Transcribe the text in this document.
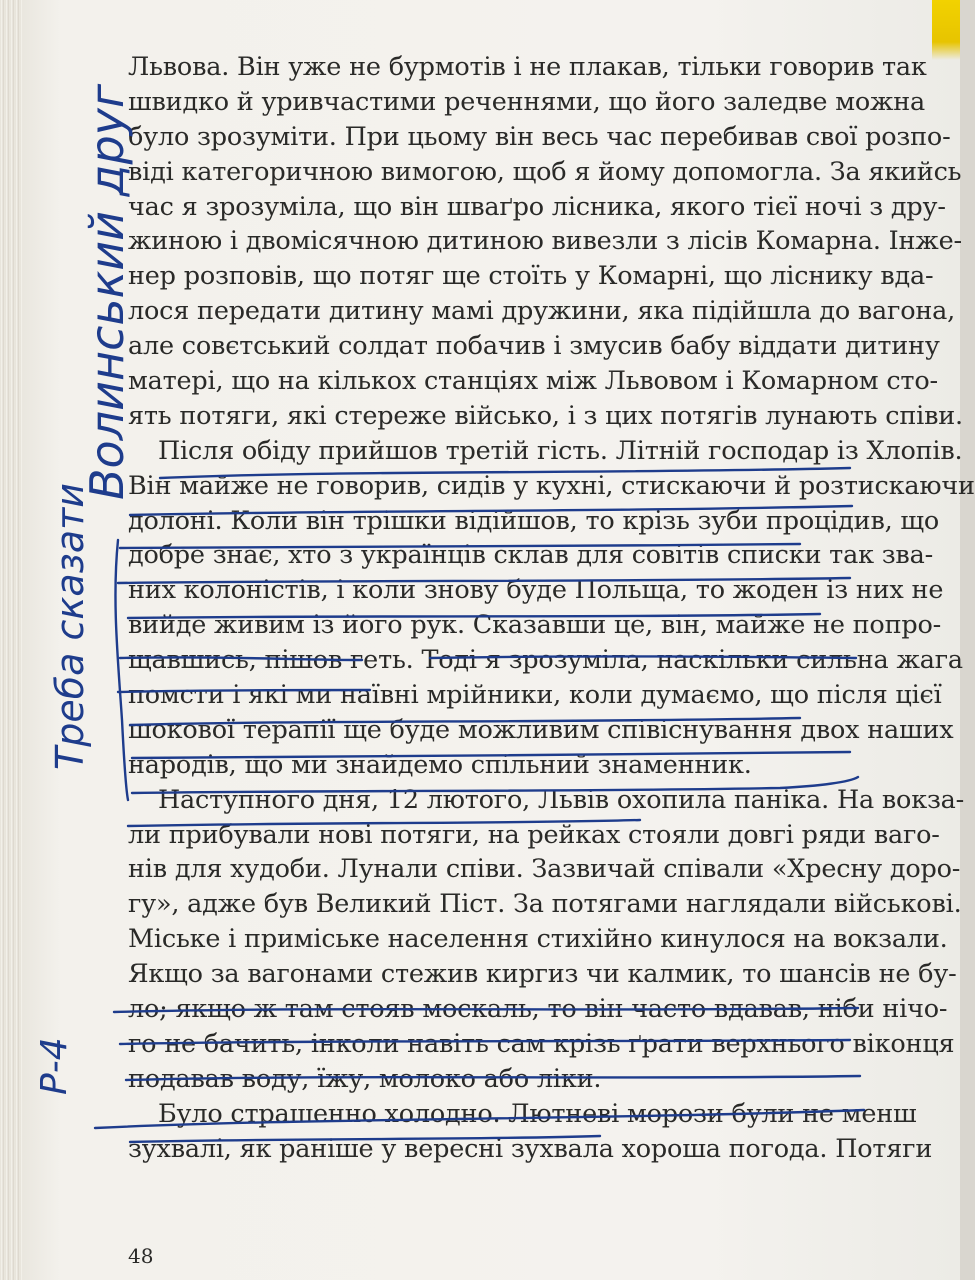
Львова. Він уже не бурмотів і не плакав, тільки говорив так
швидко й уривчастими реченнями, що його заледве можна
було зрозуміти. При цьому він весь час перебивав свої розпо-
віді категоричною вимогою, щоб я йому допомогла. За якийсь
час я зрозуміла, що він шваґро лісника, якого тієї ночі з дру-
жиною і двомісячною дитиною вивезли з лісів Комарна. Інже-
нер розповів, що потяг ще стоїть у Комарні, що ліснику вда-
лося передати дитину мамі дружини, яка підійшла до вагона,
але совєтський солдат побачив і змусив бабу віддати дитину
матері, що на кількох станціях між Львовом і Комарном сто-
ять потяги, які стереже військо, і з цих потягів лунають співи.
Після обіду прийшов третій гість. Літній господар із Хлопів.
Він майже не говорив, сидів у кухні, стискаючи й розтискаючи
долоні. Коли він трішки відійшов, то крізь зуби процідив, що
добре знає, хто з українців склав для совітів списки так зва-
них колоністів, і коли знову буде Польща, то жоден із них не
вийде живим із його рук. Сказавши це, він, майже не попро-
щавшись, пішов геть. Тоді я зрозуміла, наскільки сильна жага
помсти і які ми наївні мрійники, коли думаємо, що після цієї
шокової терапії ще буде можливим співіснування двох наших
народів, що ми знайдемо спільний знаменник.
Наступного дня, 12 лютого, Львів охопила паніка. На вокза-
ли прибували нові потяги, на рейках стояли довгі ряди ваго-
нів для худоби. Лунали співи. Зазвичай співали «Хресну доро-
гу», адже був Великий Піст. За потягами наглядали військові.
Міське і приміське населення стихійно кинулося на вокзали.
Якщо за вагонами стежив киргиз чи калмик, то шансів не бу-
ло; якщо ж там стояв москаль, то він часто вдавав, ніби нічо-
го не бачить, інколи навіть сам крізь ґрати верхнього віконця
подавав воду, їжу, молоко або ліки.
Було страшенно холодно. Лютневі морози були не менш
зухвалі, як раніше у вересні зухвала хороша погода. Потяги
48
Волинський друг
Треба сказати
Р-4
